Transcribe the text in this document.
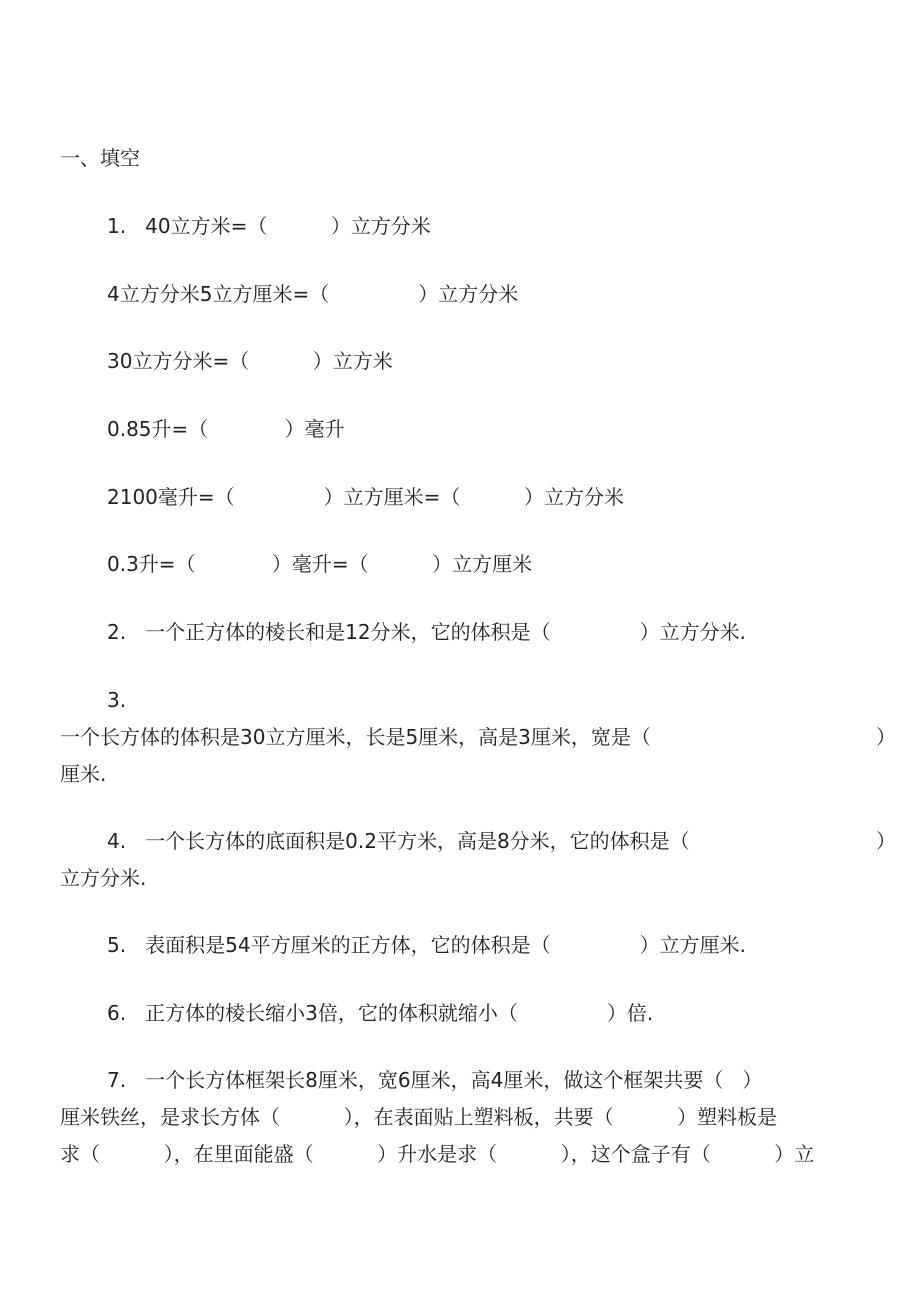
一、填空
1.   40立方米=（          ）立方分米
4立方分米5立方厘米=（              ）立方分米
30立方分米=（          ）立方米
0.85升=（            ）毫升
2100毫升=（              ）立方厘米=（          ）立方分米
0.3升=（            ）毫升=（          ）立方厘米
2.   一个正方体的棱长和是12分米，它的体积是（              ）立方分米.
3.
一个长方体的体积是30立方厘米，长是5厘米，高是3厘米，宽是（	）
厘米.
4.   一个长方体的底面积是0.2平方米，高是8分米，它的体积是（	）
立方分米.
5.   表面积是54平方厘米的正方体，它的体积是（              ）立方厘米.
6.   正方体的棱长缩小3倍，它的体积就缩小（              ）倍.
7.   一个长方体框架长8厘米，宽6厘米，高4厘米，做这个框架共要（   ）
厘米铁丝，是求长方体（          ），在表面贴上塑料板，共要（          ）塑料板是
求（          ），在里面能盛（          ）升水是求（          ），这个盒子有（          ）立
